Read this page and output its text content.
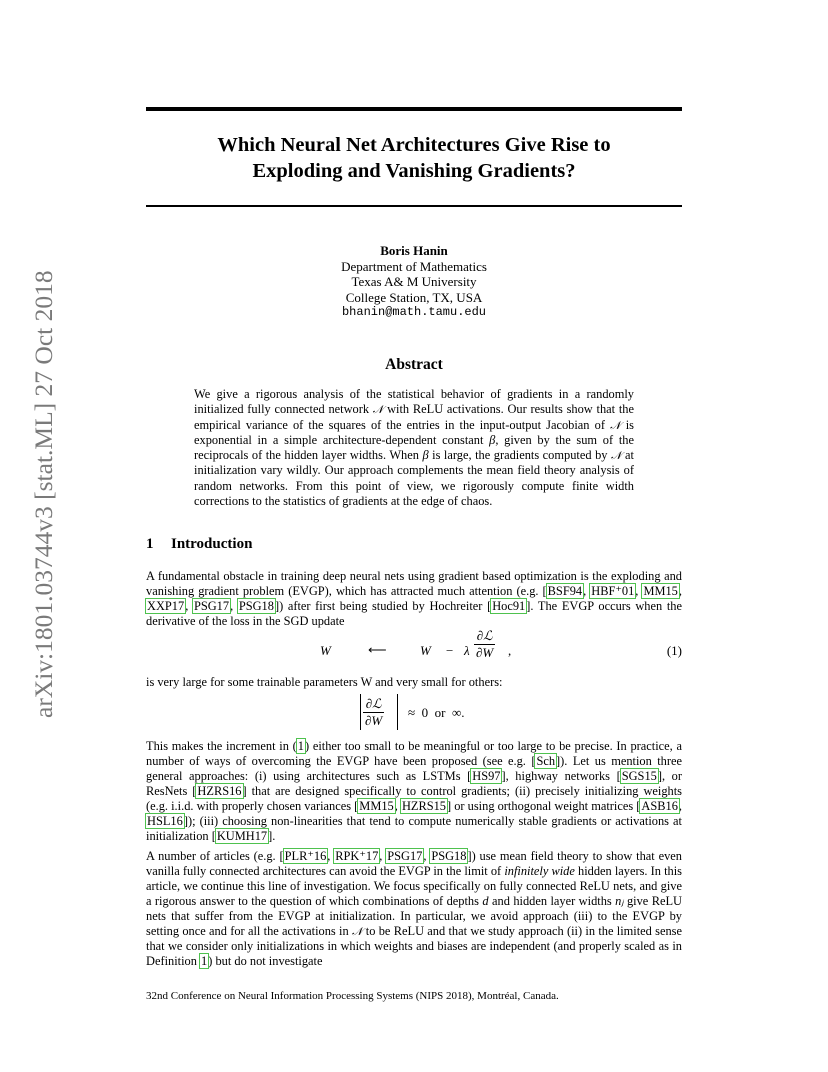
arXiv:1801.03744v3 [stat.ML] 27 Oct 2018
Which Neural Net Architectures Give Rise to
Exploding and Vanishing Gradients?
Boris Hanin
Department of Mathematics
Texas A& M University
College Station, TX, USA
bhanin@math.tamu.edu
Abstract
We give a rigorous analysis of the statistical behavior of gradients in a randomly initialized fully connected network 𝒩 with ReLU activations. Our results show that the empirical variance of the squares of the entries in the input-output Jacobian of 𝒩 is exponential in a simple architecture-dependent constant β, given by the sum of the reciprocals of the hidden layer widths. When β is large, the gradients computed by 𝒩 at initialization vary wildly. Our approach complements the mean field theory analysis of random networks. From this point of view, we rigorously compute finite width corrections to the statistics of gradients at the edge of chaos.
1 Introduction
A fundamental obstacle in training deep neural nets using gradient based optimization is the exploding and vanishing gradient problem (EVGP), which has attracted much attention (e.g. [BSF94, HBF⁺01, MM15, XXP17, PSG17, PSG18]) after first being studied by Hochreiter [Hoc91]. The EVGP occurs when the derivative of the loss in the SGD update
W	⟵	W − λ
∂ℒ
∂W ,	(1)
is very large for some trainable parameters W and very small for others:
∂ℒ
∂W
≈  0  or  ∞.
This makes the increment in (1) either too small to be meaningful or too large to be precise. In practice, a number of ways of overcoming the EVGP have been proposed (see e.g. [Sch]). Let us mention three general approaches: (i) using architectures such as LSTMs [HS97], highway networks [SGS15], or ResNets [HZRS16] that are designed specifically to control gradients; (ii) precisely initializing weights (e.g. i.i.d. with properly chosen variances [MM15, HZRS15] or using orthogonal weight matrices [ASB16, HSL16]); (iii) choosing non-linearities that tend to compute numerically stable gradients or activations at initialization [KUMH17].
A number of articles (e.g. [PLR⁺16, RPK⁺17, PSG17, PSG18]) use mean field theory to show that even vanilla fully connected architectures can avoid the EVGP in the limit of infinitely wide hidden layers. In this article, we continue this line of investigation. We focus specifically on fully connected ReLU nets, and give a rigorous answer to the question of which combinations of depths d and hidden layer widths nⱼ give ReLU nets that suffer from the EVGP at initialization. In particular, we avoid approach (iii) to the EVGP by setting once and for all the activations in 𝒩 to be ReLU and that we study approach (ii) in the limited sense that we consider only initializations in which weights and biases are independent (and properly scaled as in Definition 1) but do not investigate
32nd Conference on Neural Information Processing Systems (NIPS 2018), Montréal, Canada.
